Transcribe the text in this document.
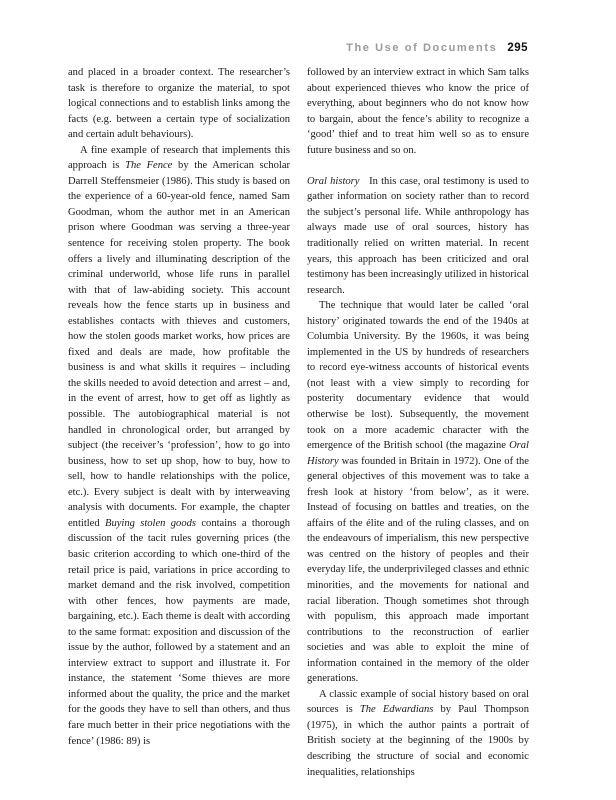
The Use of Documents 295

and placed in a broader context. The researcher’s task is therefore to organize the material, to spot logical connections and to establish links among the facts (e.g. between a certain type of socialization and certain adult behaviours).

A fine example of research that implements this approach is The Fence by the American scholar Darrell Steffensmeier (1986). This study is based on the experience of a 60-year-old fence, named Sam Goodman, whom the author met in an American prison where Goodman was serving a three-year sentence for receiving stolen property. The book offers a lively and illuminating description of the criminal underworld, whose life runs in parallel with that of law-abiding society. This account reveals how the fence starts up in business and establishes contacts with thieves and customers, how the stolen goods market works, how prices are fixed and deals are made, how profitable the business is and what skills it requires – including the skills needed to avoid detection and arrest – and, in the event of arrest, how to get off as lightly as possible. The autobiographical material is not handled in chronological order, but arranged by subject (the receiver’s ‘profession’, how to go into business, how to set up shop, how to buy, how to sell, how to handle relationships with the police, etc.). Every subject is dealt with by interweaving analysis with documents. For example, the chapter entitled Buying stolen goods contains a thorough discussion of the tacit rules governing prices (the basic criterion according to which one-third of the retail price is paid, variations in price according to market demand and the risk involved, competition with other fences, how payments are made, bargaining, etc.). Each theme is dealt with according to the same format: exposition and discussion of the issue by the author, followed by a statement and an interview extract to support and illustrate it. For instance, the statement ‘Some thieves are more informed about the quality, the price and the market for the goods they have to sell than others, and thus fare much better in their price negotiations with the fence’ (1986: 89) is

followed by an interview extract in which Sam talks about experienced thieves who know the price of everything, about beginners who do not know how to bargain, about the fence’s ability to recognize a ‘good’ thief and to treat him well so as to ensure future business and so on.

Oral history In this case, oral testimony is used to gather information on society rather than to record the subject’s personal life. While anthropology has always made use of oral sources, history has traditionally relied on written material. In recent years, this approach has been criticized and oral testimony has been increasingly utilized in historical research.

The technique that would later be called ‘oral history’ originated towards the end of the 1940s at Columbia University. By the 1960s, it was being implemented in the US by hundreds of researchers to record eye-witness accounts of historical events (not least with a view simply to recording for posterity documentary evidence that would otherwise be lost). Subsequently, the movement took on a more academic character with the emergence of the British school (the magazine Oral History was founded in Britain in 1972). One of the general objectives of this movement was to take a fresh look at history ‘from below’, as it were. Instead of focusing on battles and treaties, on the affairs of the élite and of the ruling classes, and on the endeavours of imperialism, this new perspective was centred on the history of peoples and their everyday life, the underprivileged classes and ethnic minorities, and the movements for national and racial liberation. Though sometimes shot through with populism, this approach made important contributions to the reconstruction of earlier societies and was able to exploit the mine of information contained in the memory of the older generations.

A classic example of social history based on oral sources is The Edwardians by Paul Thompson (1975), in which the author paints a portrait of British society at the beginning of the 1900s by describing the structure of social and economic inequalities, relationships
